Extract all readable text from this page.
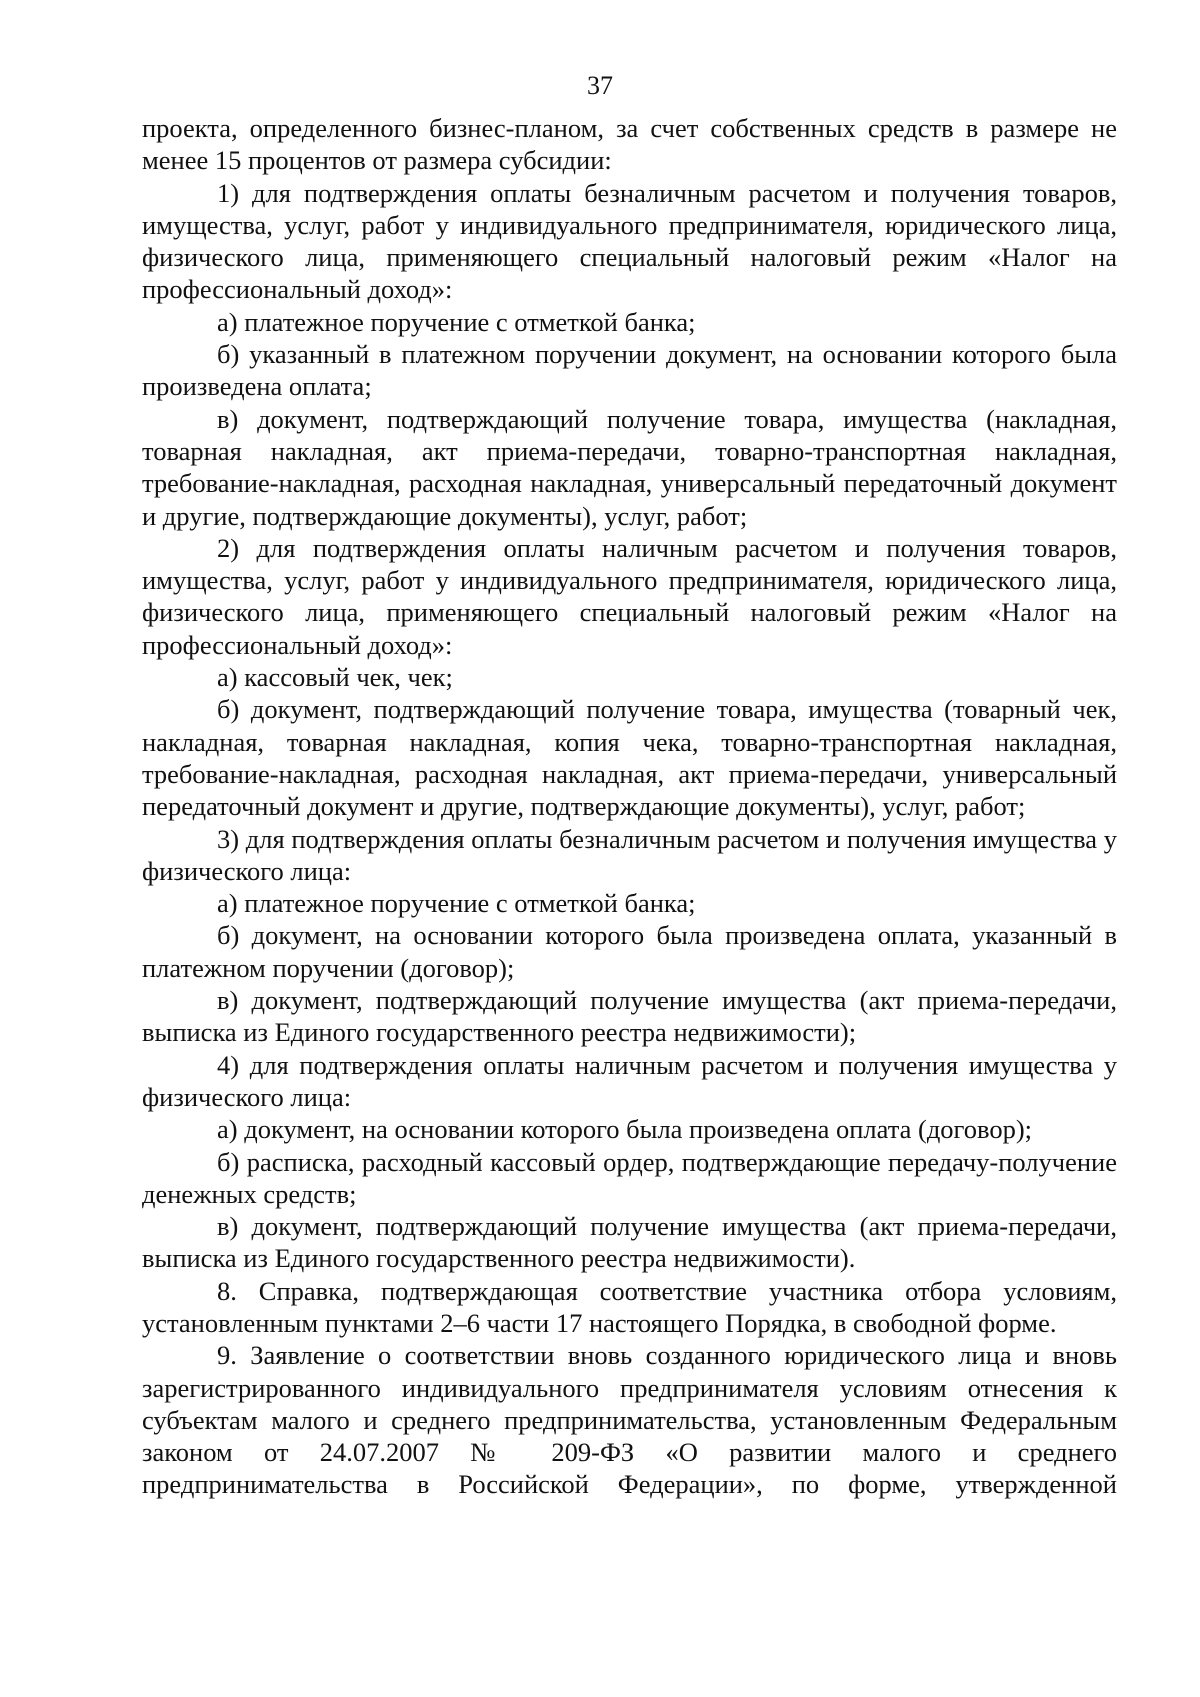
37

проекта, определенного бизнес-планом, за счет собственных средств в размере не менее 15 процентов от размера субсидии:

1) для подтверждения оплаты безналичным расчетом и получения товаров, имущества, услуг, работ у индивидуального предпринимателя, юридического лица, физического лица, применяющего специальный налоговый режим «Налог на профессиональный доход»:

а) платежное поручение с отметкой банка;

б) указанный в платежном поручении документ, на основании которого была произведена оплата;

в) документ, подтверждающий получение товара, имущества (накладная, товарная накладная, акт приема-передачи, товарно-транспортная накладная, требование-накладная, расходная накладная, универсальный передаточный документ и другие, подтверждающие документы), услуг, работ;

2) для подтверждения оплаты наличным расчетом и получения товаров, имущества, услуг, работ у индивидуального предпринимателя, юридического лица, физического лица, применяющего специальный налоговый режим «Налог на профессиональный доход»:

а) кассовый чек, чек;

б) документ, подтверждающий получение товара, имущества (товарный чек, накладная, товарная накладная, копия чека, товарно-транспортная накладная, требование-накладная, расходная накладная, акт приема-передачи, универсальный передаточный документ и другие, подтверждающие документы), услуг, работ;

3) для подтверждения оплаты безналичным расчетом и получения имущества у физического лица:

а) платежное поручение с отметкой банка;

б) документ, на основании которого была произведена оплата, указанный в платежном поручении (договор);

в) документ, подтверждающий получение имущества (акт приема-передачи, выписка из Единого государственного реестра недвижимости);

4) для подтверждения оплаты наличным расчетом и получения имущества у физического лица:

а) документ, на основании которого была произведена оплата (договор);

б) расписка, расходный кассовый ордер, подтверждающие передачу-получение денежных средств;

в) документ, подтверждающий получение имущества (акт приема-передачи, выписка из Единого государственного реестра недвижимости).

8. Справка, подтверждающая соответствие участника отбора условиям, установленным пунктами 2–6 части 17 настоящего Порядка, в свободной форме.

9. Заявление о соответствии вновь созданного юридического лица и вновь зарегистрированного индивидуального предпринимателя условиям отнесения к субъектам малого и среднего предпринимательства, установленным Федеральным законом от 24.07.2007 № 209-ФЗ «О развитии малого и среднего предпринимательства в Российской Федерации», по форме, утвержденной
